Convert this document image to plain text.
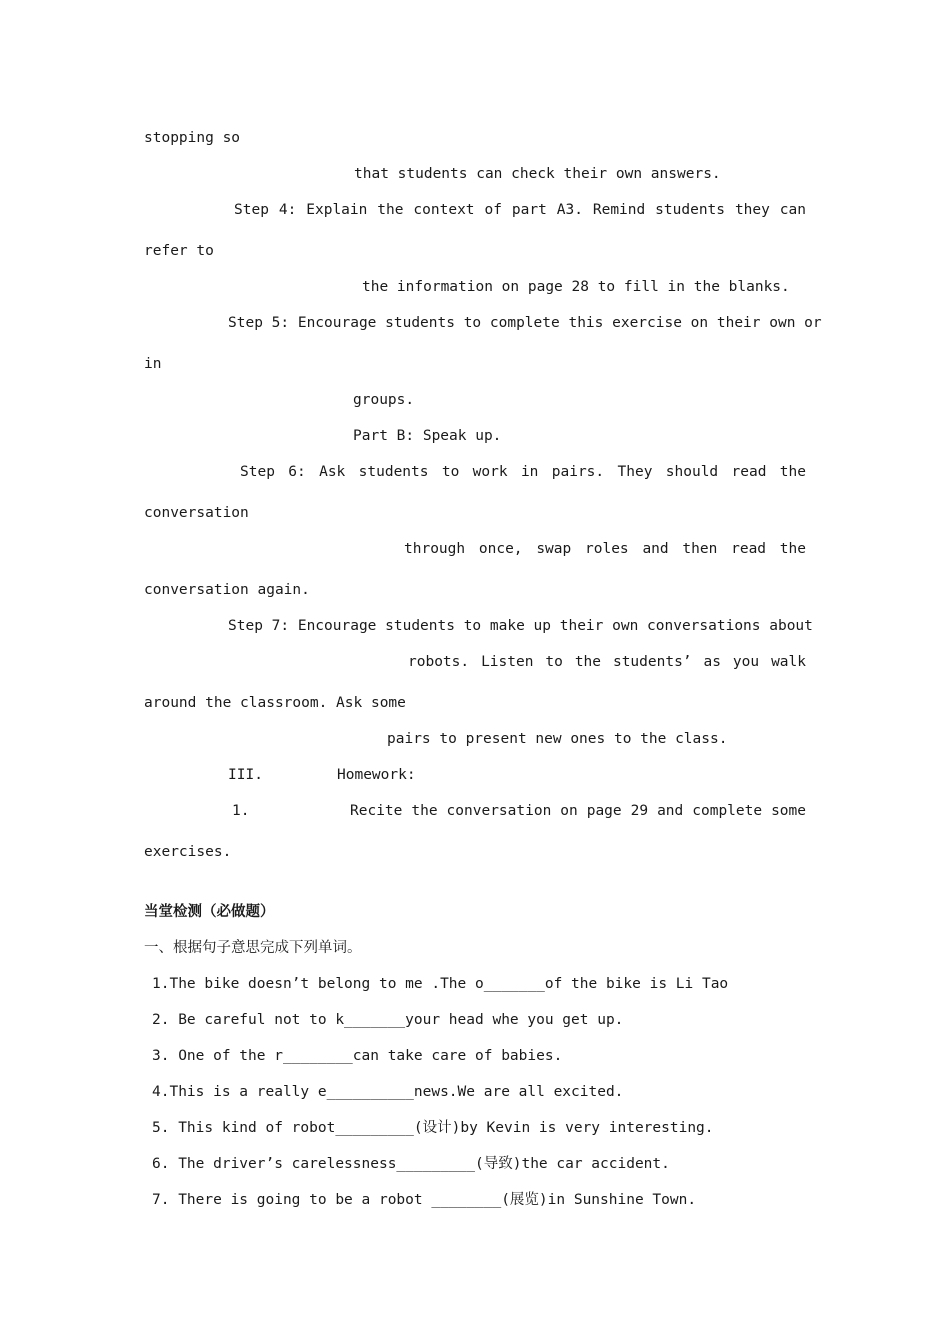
stopping so
that students can check their own answers.
Step 4: Explain the context of part A3. Remind students they can
refer to
the information on page 28 to fill in the blanks.
Step 5: Encourage students to complete this exercise on their own or
in
groups.
Part B: Speak up.
Step 6: Ask students to work in pairs. They should read the
conversation
through once, swap roles and then read the
conversation again.
Step 7: Encourage students to make up their own conversations about
robots. Listen to the students’ as you walk
around the classroom. Ask some
pairs to present new ones to the class.
III.	Homework:
1.	Recite the conversation on page 29 and complete some
exercises.
当堂检测（必做题）
一、根据句子意思完成下列单词。
1.The bike doesn’t belong to me .The o_______of the bike is Li Tao
2. Be careful not to k_______your head whe you get up.
3. One of the r________can take care of babies.
4.This is a really e__________news.We are all excited.
5. This kind of robot_________(设计)by Kevin is very interesting.
6. The driver’s carelessness_________(导致)the car accident.
7. There is going to be a robot ________(展览)in Sunshine Town.
